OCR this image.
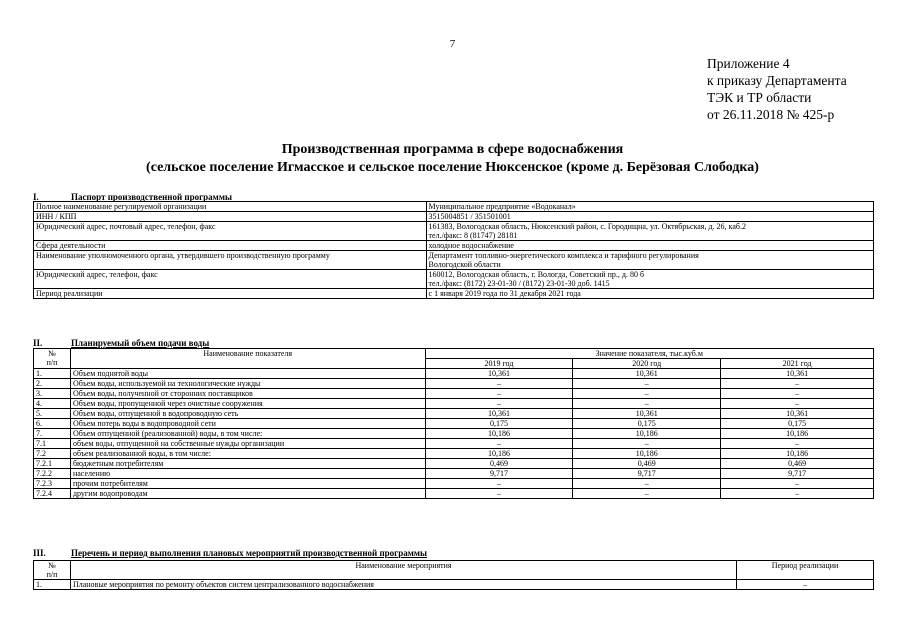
7
Приложение 4
к приказу Департамента
ТЭК и ТР области
от 26.11.2018 № 425-р
Производственная программа в сфере водоснабжения
(сельское поселение Игмасское и сельское поселение Нюксенское (кроме д. Берёзовая Слободка)
I.	Паспорт производственной программы
Полное наименование регулируемой организации	Муниципальное предприятие «Водоканал»

ИНН / КПП	3515004851 / 351501001

Юридический адрес, почтовый адрес, телефон, факс	161383, Вологодская область, Нюксенский район, с. Городищна, ул. Октябрьская, д. 26, каб.2
тел./факс: 8 (81747) 28181

Сфера деятельности	холодное водоснабжение

Наименование уполномоченного органа, утвердившего производственную программу	Департамент топливно-энергетического комплекса и тарифного регулирования
Вологодской области

Юридический адрес, телефон, факс	160012, Вологодская область, г. Вологда, Советский пр., д. 80 б
тел./факс: (8172) 23-01-30 / (8172) 23-01-30 доб. 1415

Период реализации	с 1 января 2019 года по 31 декабря 2021 года
II.	Планируемый объем подачи воды
№
п/п	Наименование показателя	Значение показателя, тыс.куб.м		
		2019 год	2020 год	2021 год
1.	Объем поднятой воды	10,361	10,361	10,361
2.	Объем воды, используемой на технологические нужды	–	–	–
3.	Объем воды, полученной от сторонних поставщиков	–	–	–
4.	Объем воды, пропущенной через очистные сооружения	–	–	–
5.	Объем воды, отпущенной в водопроводную сеть	10,361	10,361	10,361
6.	Объем потерь воды в водопроводной сети	0,175	0,175	0,175
7.	Объем отпущенной (реализованной) воды, в том числе:	10,186	10,186	10,186
7.1	объем воды, отпущенной на собственные нужды организации	–	–	–
7.2	объем реализованной воды, в том числе:	10,186	10,186	10,186
7.2.1	бюджетным потребителям	0,469	0,469	0,469
7.2.2	населению	9,717	9,717	9,717
7.2.3	прочим потребителям	–	–	–
7.2.4	другим водопроводам	–	–	–
III.	Перечень и период выполнения плановых мероприятий производственной программы
№
п/п	Наименование мероприятия	Период реализации
1.	Плановые мероприятия по ремонту объектов систем централизованного водоснабжения	–
